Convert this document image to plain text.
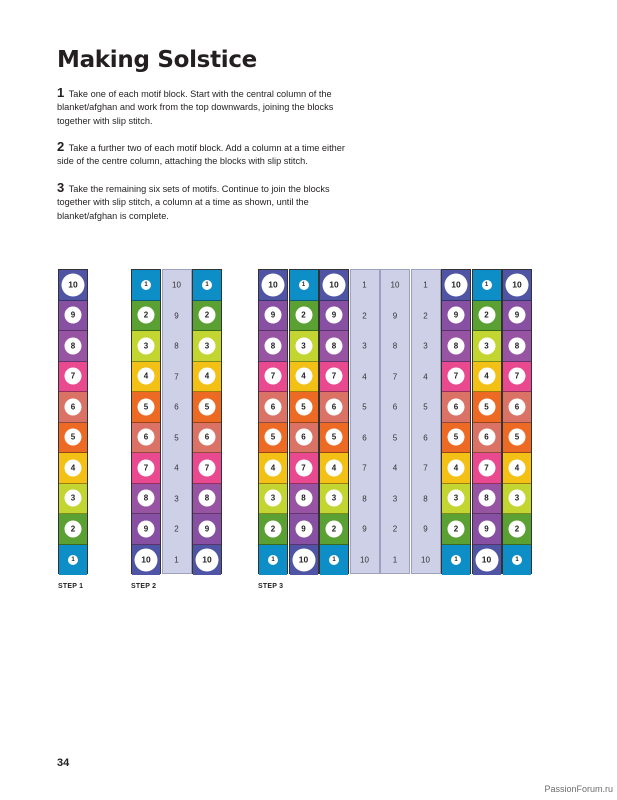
Making Solstice

1 Take one of each motif block. Start with the central column of the blanket/afghan and work from the top downwards, joining the blocks together with slip stitch.

2 Take a further two of each motif block. Add a column at a time either side of the centre column, attaching the blocks with slip stitch.

3 Take the remaining six sets of motifs. Continue to join the blocks together with slip stitch, a column at a time as shown, until the blanket/afghan is complete.

10
9
8
7
6
5
4
3
2
1
1
2
3
4
5
6
7
8
9
10
10
9
8
7
6
5
4
3
2
1
1
2
3
4
5
6
7
8
9
10
10
9
8
7
6
5
4
3
2
1
1
2
3
4
5
6
7
8
9
10
10
9
8
7
6
5
4
3
2
1
1
2
3
4
5
6
7
8
9
10
10
9
8
7
6
5
4
3
2
1
1
2
3
4
5
6
7
8
9
10
10
9
8
7
6
5
4
3
2
1
1
2
3
4
5
6
7
8
9
10
10
9
8
7
6
5
4
3
2
1
STEP 1	STEP 2	STEP 3
34
PassionForum.ru
